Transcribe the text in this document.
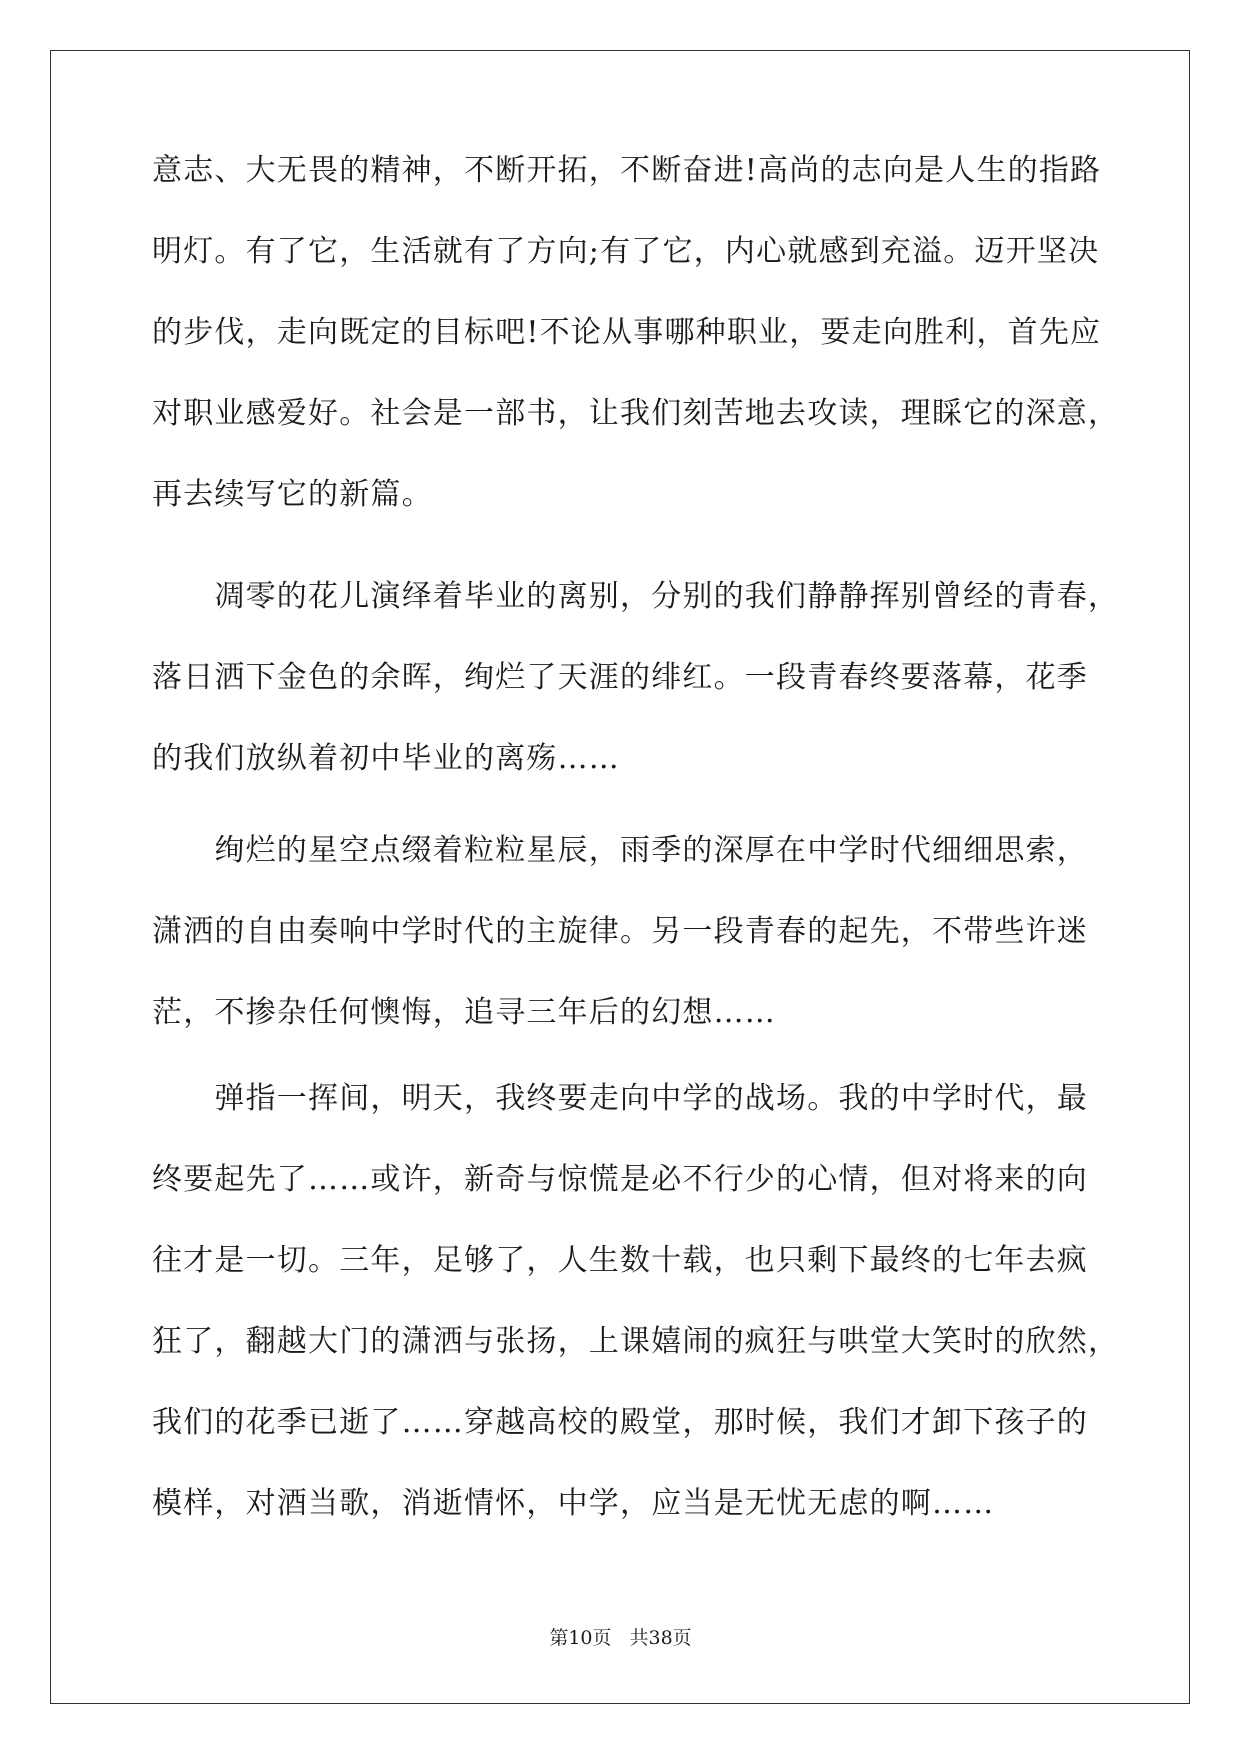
意志、大无畏的精神，不断开拓，不断奋进!高尚的志向是人生的指路
明灯。有了它，生活就有了方向;有了它，内心就感到充溢。迈开坚决
的步伐，走向既定的目标吧!不论从事哪种职业，要走向胜利，首先应
对职业感爱好。社会是一部书，让我们刻苦地去攻读，理睬它的深意，
再去续写它的新篇。
　　凋零的花儿演绎着毕业的离别，分别的我们静静挥别曾经的青春，
落日洒下金色的余晖，绚烂了天涯的绯红。一段青春终要落幕，花季
的我们放纵着初中毕业的离殇……
　　绚烂的星空点缀着粒粒星辰，雨季的深厚在中学时代细细思索，
潇洒的自由奏响中学时代的主旋律。另一段青春的起先，不带些许迷
茫，不掺杂任何懊悔，追寻三年后的幻想……
　　弹指一挥间，明天，我终要走向中学的战场。我的中学时代，最
终要起先了……或许，新奇与惊慌是必不行少的心情，但对将来的向
往才是一切。三年，足够了，人生数十载，也只剩下最终的七年去疯
狂了，翻越大门的潇洒与张扬，上课嬉闹的疯狂与哄堂大笑时的欣然，
我们的花季已逝了……穿越高校的殿堂，那时候，我们才卸下孩子的
模样，对酒当歌，消逝情怀，中学，应当是无忧无虑的啊……
第10页 共38页
